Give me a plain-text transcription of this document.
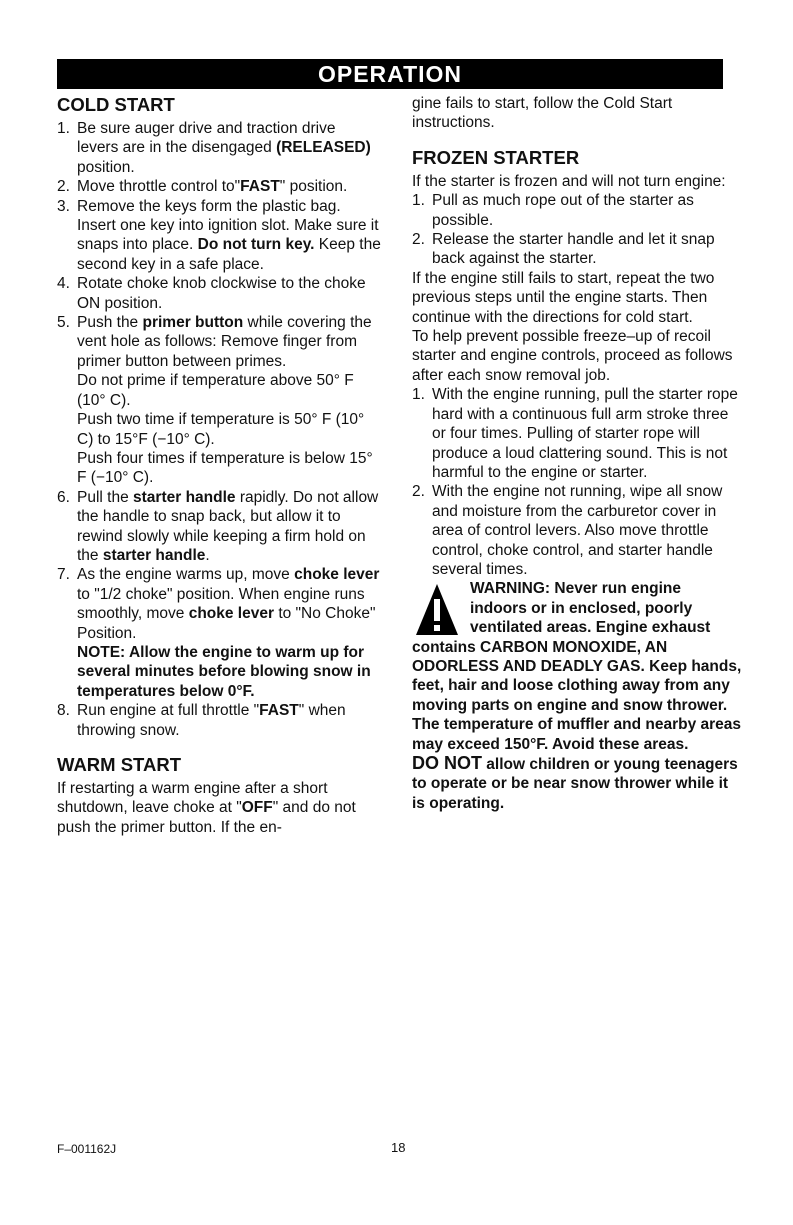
OPERATION
COLD START
1. Be sure auger drive and traction drive levers are in the disengaged (RELEASED) position.
2. Move throttle control to"FAST" position.
3. Remove the keys form the plastic bag. Insert one key into ignition slot. Make sure it snaps into place. Do not turn key. Keep the second key in a safe place.
4. Rotate choke knob clockwise to the choke ON position.
5. Push the primer button while covering the vent hole as follows: Remove finger from primer button between primes.

Do not prime if temperature above 50° F (10° C).

Push two time if temperature is 50° F (10° C) to 15°F (−10° C).

Push four times if temperature is below 15° F (−10° C).

6. Pull the starter handle rapidly. Do not allow the handle to snap back, but allow it to rewind slowly while keeping a firm hold on the starter handle.
7. As the engine warms up, move choke lever to "1/2 choke" position. When engine runs smoothly, move choke lever to "No Choke" Position.

NOTE: Allow the engine to warm up for several minutes before blowing snow in temperatures below 0°F.

8. Run engine at full throttle "FAST" when throwing snow.
WARM START

If restarting a warm engine after a short shutdown, leave choke at "OFF" and do not push the primer button. If the en-

gine fails to start, follow the Cold Start instructions.

FROZEN STARTER

If the starter is frozen and will not turn engine:

1. Pull as much rope out of the starter as possible.
2. Release the starter handle and let it snap back against the starter.

If the engine still fails to start, repeat the two previous steps until the engine starts. Then continue with the directions for cold start.

To help prevent possible freeze–up of recoil starter and engine controls, proceed as follows after each snow removal job.

1. With the engine running, pull the starter rope hard with a continuous full arm stroke three or four times. Pulling of starter rope will produce a loud clattering sound. This is not harmful to the engine or starter.
2. With the engine not running, wipe all snow and moisture from the carburetor cover in area of control levers. Also move throttle control, choke control, and starter handle several times.

WARNING: Never run engine indoors or in enclosed, poorly ventilated areas. Engine exhaust contains CARBON MONOXIDE, AN ODORLESS AND DEADLY GAS. Keep hands, feet, hair and loose clothing away from any moving parts on engine and snow thrower.

The temperature of muffler and nearby areas may exceed 150°F. Avoid these areas.

DO NOT allow children or young teenagers to operate or be near snow thrower while it is operating.

F–001162J	18
